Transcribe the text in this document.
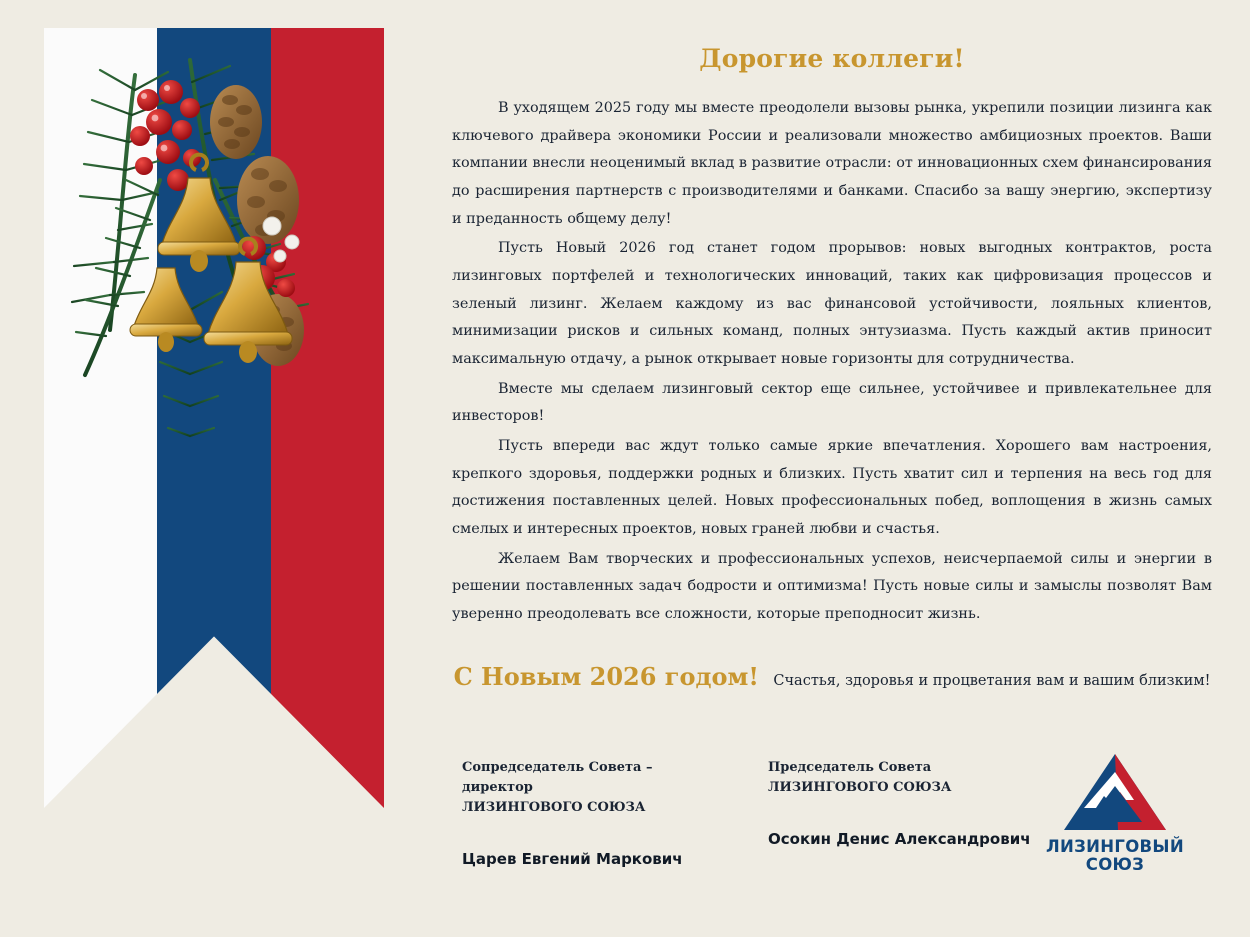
Дорогие коллеги!

В уходящем 2025 году мы вместе преодолели вызовы рынка, укрепили позиции лизинга как ключевого драйвера экономики России и реализовали множество амбициозных проектов. Ваши компании внесли неоценимый вклад в развитие отрасли: от инновационных схем финансирования до расширения партнерств с производителями и банками. Спасибо за вашу энергию, экспертизу и преданность общему делу!

Пусть Новый 2026 год станет годом прорывов: новых выгодных контрактов, роста лизинговых портфелей и технологических инноваций, таких как цифровизация процессов и зеленый лизинг. Желаем каждому из вас финансовой устойчивости, лояльных клиентов, минимизации рисков и сильных команд, полных энтузиазма. Пусть каждый актив приносит максимальную отдачу, а рынок открывает новые горизонты для сотрудничества.

Вместе мы сделаем лизинговый сектор еще сильнее, устойчивее и привлекательнее для инвесторов!

Пусть впереди вас ждут только самые яркие впечатления. Хорошего вам настроения, крепкого здоровья, поддержки родных и близких. Пусть хватит сил и терпения на весь год для достижения поставленных целей. Новых профессиональных побед, воплощения в жизнь самых смелых и интересных проектов, новых граней любви и счастья.

Желаем Вам творческих и профессиональных успехов, неисчерпаемой силы и энергии в решении поставленных задач бодрости и оптимизма! Пусть новые силы и замыслы позволят Вам уверенно преодолевать все сложности, которые преподносит жизнь.

С Новым 2026 годом! Счастья, здоровья и процветания вам и вашим близким!

Сопредседатель Совета – директор

ЛИЗИНГОВОГО СОЮЗА

Царев Евгений Маркович

Председатель Совета

ЛИЗИНГОВОГО СОЮЗА

Осокин Денис Александрович ЛИЗИНГОВЫЙ
СОЮЗ
